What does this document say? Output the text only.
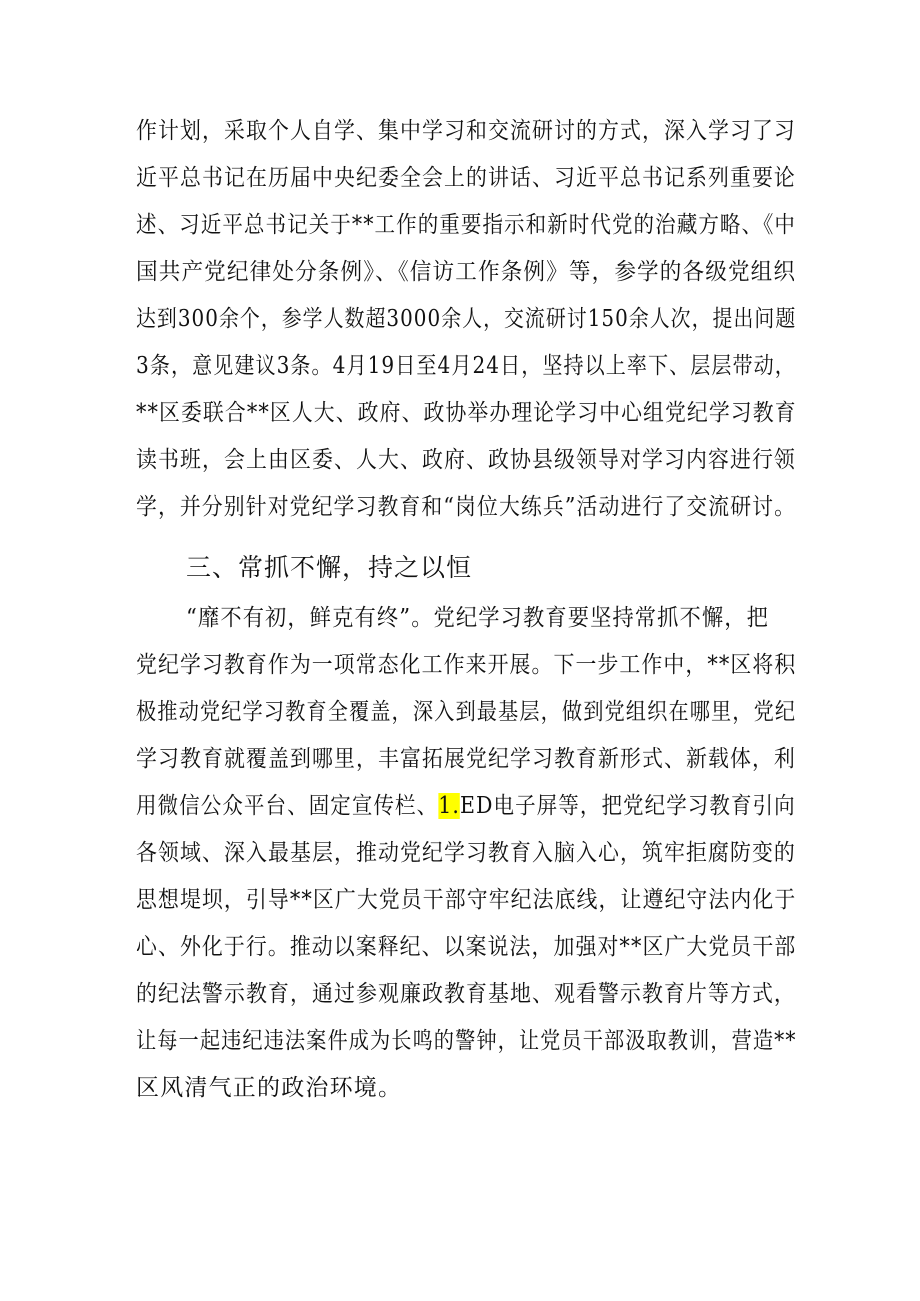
作计划，采取个人自学、集中学习和交流研讨的方式，深入学习了习
近平总书记在历届中央纪委全会上的讲话、习近平总书记系列重要论
述、习近平总书记关于**工作的重要指示和新时代党的治藏方略、《中
国共产党纪律处分条例》、《信访工作条例》等，参学的各级党组织
达到300余个，参学人数超3000余人，交流研讨150余人次，提出问题
3条，意见建议3条。4月19日至4月24日，坚持以上率下、层层带动，
**区委联合**区人大、政府、政协举办理论学习中心组党纪学习教育
读书班，会上由区委、人大、政府、政协县级领导对学习内容进行领
学，并分别针对党纪学习教育和“岗位大练兵”活动进行了交流研讨。
三、常抓不懈，持之以恒
“靡不有初，鲜克有终”。党纪学习教育要坚持常抓不懈，把
党纪学习教育作为一项常态化工作来开展。下一步工作中，**区将积
极推动党纪学习教育全覆盖，深入到最基层，做到党组织在哪里，党纪
学习教育就覆盖到哪里，丰富拓展党纪学习教育新形式、新载体，利
用微信公众平台、固定宣传栏、1.ED电子屏等，把党纪学习教育引向
各领域、深入最基层，推动党纪学习教育入脑入心，筑牢拒腐防变的
思想堤坝，引导**区广大党员干部守牢纪法底线，让遵纪守法内化于
心、外化于行。推动以案释纪、以案说法，加强对**区广大党员干部
的纪法警示教育，通过参观廉政教育基地、观看警示教育片等方式，
让每一起违纪违法案件成为长鸣的警钟，让党员干部汲取教训，营造**
区风清气正的政治环境。
